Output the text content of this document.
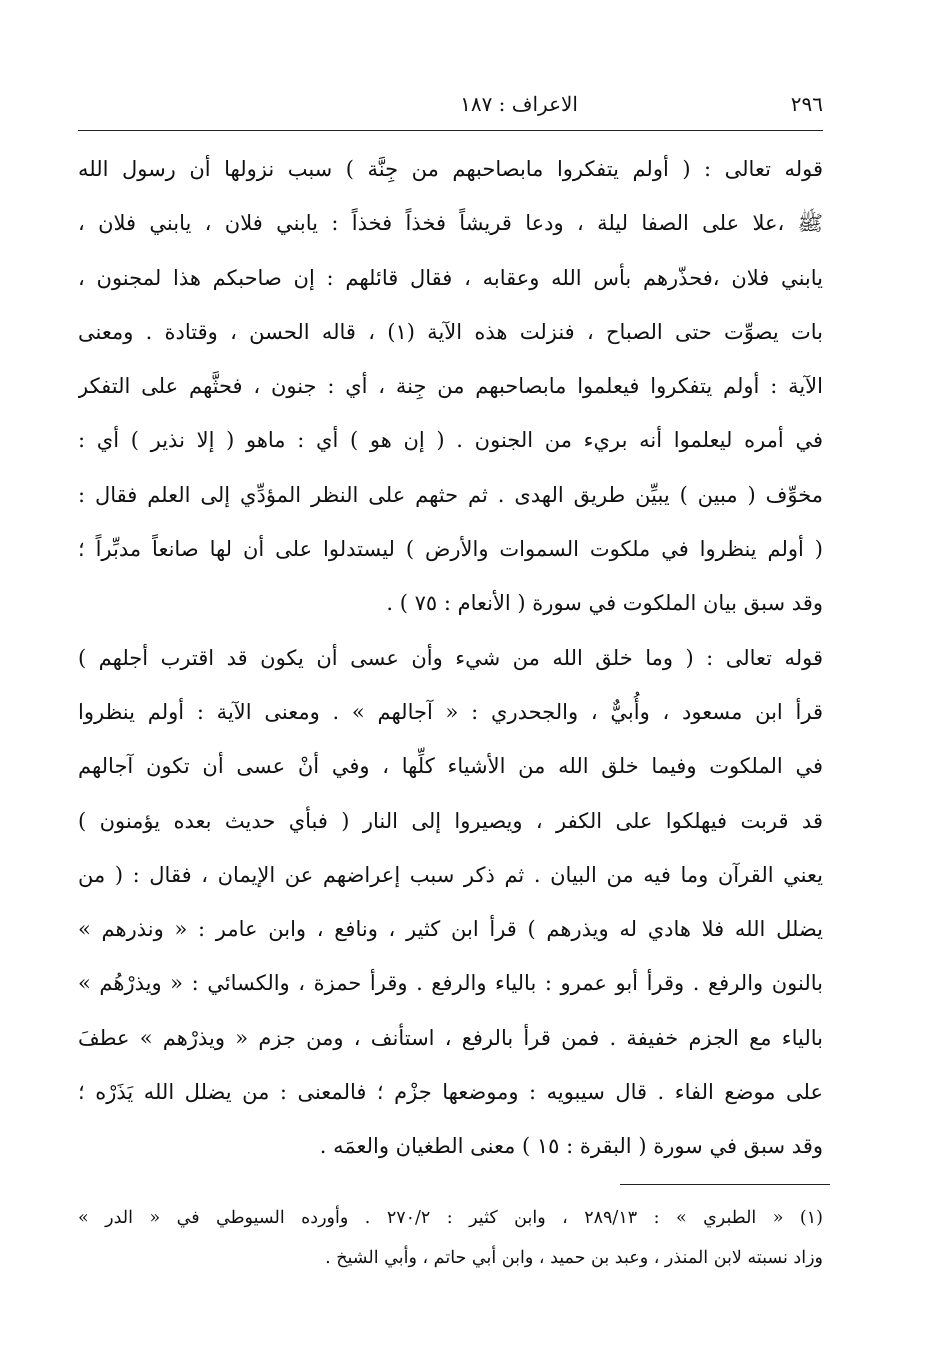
٢٩٦
الاعراف : ١٨٧

قوله تعالى : ( أولم يتفكروا مابصاحبهم من جِنَّة ) سبب نزولها أن رسول الله
ﷺ ،علا على الصفا ليلة ، ودعا قريشاً فخذاً فخذاً : يابني فلان ، يابني فلان ،
يابني فلان ،فحذّرهم بأس الله وعقابه ، فقال قائلهم : إن صاحبكم هذا لمجنون ،
بات يصوِّت حتى الصباح ، فنزلت هذه الآية (١) ، قاله الحسن ، وقتادة . ومعنى
الآية : أولم يتفكروا فيعلموا مابصاحبهم من جِنة ، أي : جنون ، فحثَّهم على التفكر
في أمره ليعلموا أنه بريء من الجنون . ( إن هو ) أي : ماهو ( إلا نذير ) أي :
مخوِّف ( مبين ) يبيِّن طريق الهدى . ثم حثهم على النظر المؤدِّي إلى العلم فقال :
( أولم ينظروا في ملكوت السموات والأرض ) ليستدلوا على أن لها صانعاً مدبِّراً ؛
وقد سبق بيان الملكوت في سورة ( الأنعام : ٧٥ ) .

قوله تعالى : ( وما خلق الله من شيء وأن عسى أن يكون قد اقترب أجلهم )
قرأ ابن مسعود ، وأُبيٌّ ، والجحدري : « آجالهم » . ومعنى الآية : أولم ينظروا
في الملكوت وفيما خلق الله من الأشياء كلِّها ، وفي أنْ عسى أن تكون آجالهم
قد قربت فيهلكوا على الكفر ، ويصيروا إلى النار ( فبأي حديث بعده يؤمنون )
يعني القرآن وما فيه من البيان . ثم ذكر سبب إعراضهم عن الإيمان ، فقال : ( من
يضلل الله فلا هادي له ويذرهم ) قرأ ابن كثير ، ونافع ، وابن عامر : « ونذرهم »
بالنون والرفع . وقرأ أبو عمرو : بالياء والرفع . وقرأ حمزة ، والكسائي : « ويذرْهُم »
بالياء مع الجزم خفيفة . فمن قرأ بالرفع ، استأنف ، ومن جزم « ويذرْهم » عطفَ
على موضع الفاء . قال سيبويه : وموضعها جزْم ؛ فالمعنى : من يضلل الله يَذَرْه ؛
وقد سبق في سورة ( البقرة : ١٥ ) معنى الطغيان والعمَه .

(١) « الطبري » : ٢٨٩/١٣ ، وابن كثير : ٢٧٠/٢ . وأورده السيوطي في « الدر »
وزاد نسبته لابن المنذر ، وعبد بن حميد ، وابن أبي حاتم ، وأبي الشيخ .
